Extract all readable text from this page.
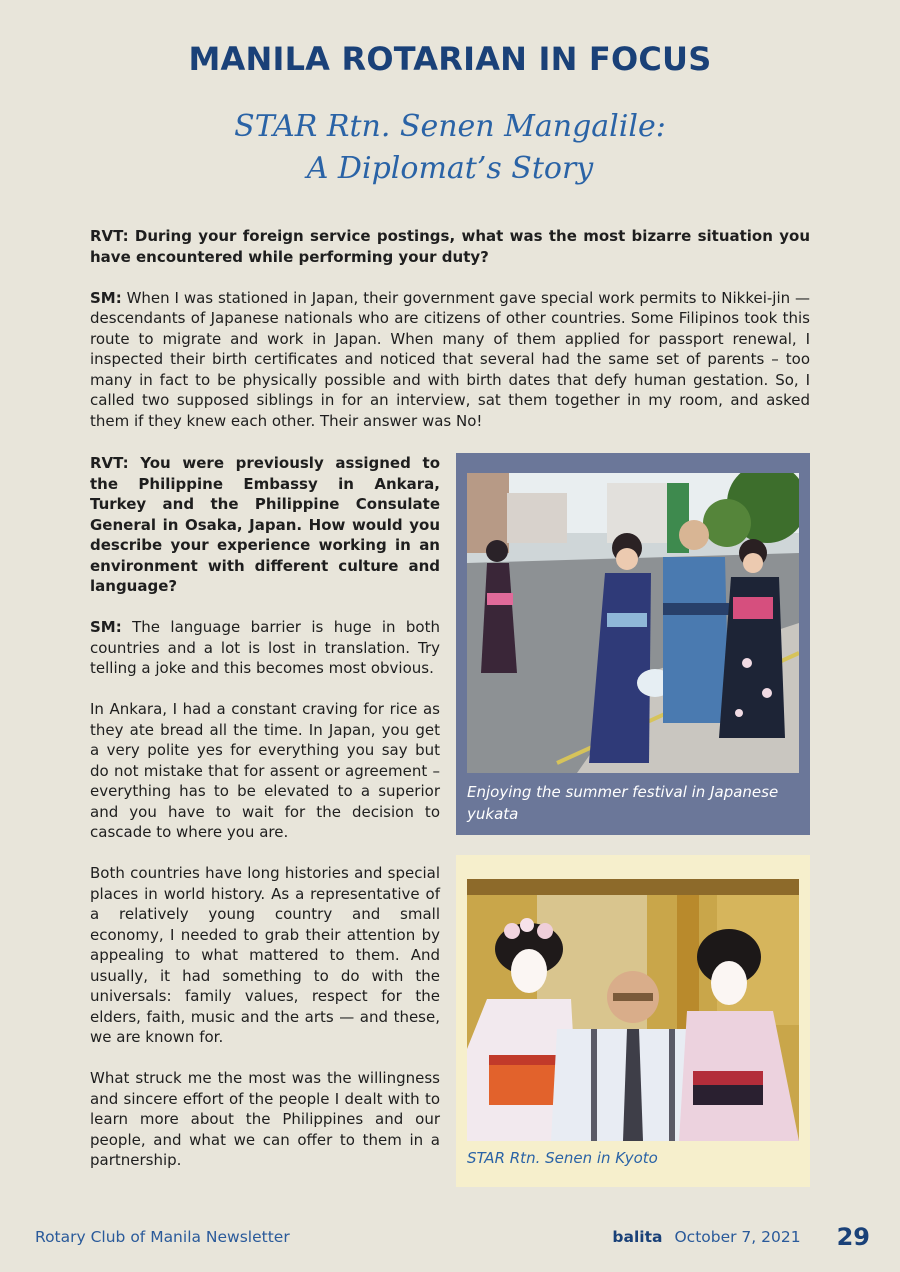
MANILA ROTARIAN IN FOCUS
STAR Rtn. Senen Mangalile:
A Diplomat’s Story

RVT: During your foreign service postings, what was the most bizarre situation you have encountered while performing your duty?

SM: When I was stationed in Japan, their government gave special work permits to Nikkei-jin — descendants of Japanese nationals who are citizens of other countries. Some Filipinos took this route to migrate and work in Japan. When many of them applied for passport renewal, I inspected their birth certificates and noticed that several had the same set of parents – too many in fact to be physically possible and with birth dates that defy human gestation. So, I called two supposed siblings in for an interview, sat them together in my room, and asked them if they knew each other. Their answer was No!

RVT: You were previously assigned to the Philippine Embassy in Ankara, Turkey and the Philippine Consulate General in Osaka, Japan. How would you describe your experience working in an environment with different culture and language?

SM: The language barrier is huge in both countries and a lot is lost in translation. Try telling a joke and this becomes most obvious.

In Ankara, I had a constant craving for rice as they ate bread all the time. In Japan, you get a very polite yes for everything you say but do not mistake that for assent or agreement – everything has to be elevated to a superior and you have to wait for the decision to cascade to where you are.

Both countries have long histories and special places in world history. As a representative of a relatively young country and small economy, I needed to grab their attention by appealing to what mattered to them. And usually, it had something to do with the universals: family values, respect for the elders, faith, music and the arts — and these, we are known for.

What struck me the most was the willingness and sincere effort of the people I dealt with to learn more about the Philippines and our people, and what we can offer to them in a partnership.

Enjoying the summer festival in Japanese yukata

STAR Rtn. Senen in Kyoto

Rotary Club of Manila Newsletter	balita October 7, 2021 29
